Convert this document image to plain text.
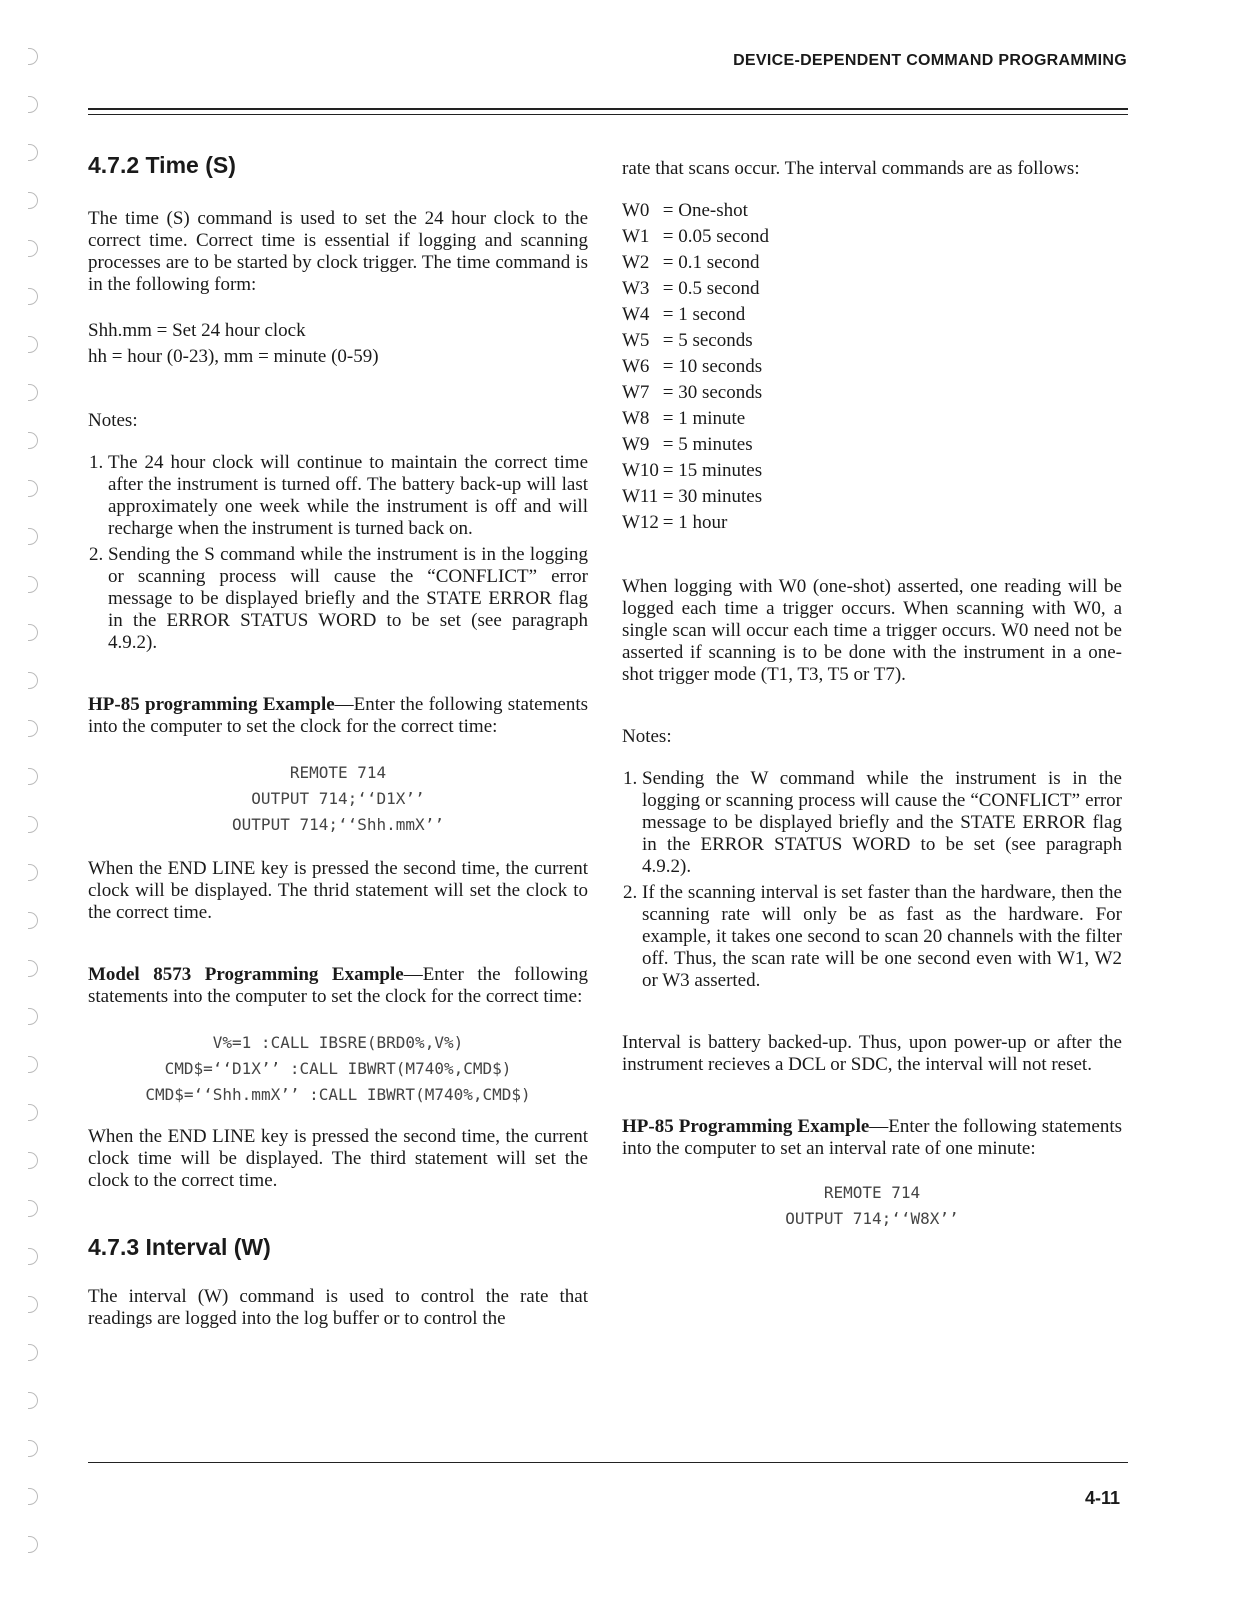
DEVICE-DEPENDENT COMMAND PROGRAMMING
4.7.2 Time (S)

The time (S) command is used to set the 24 hour clock to the correct time. Correct time is essential if logging and scanning processes are to be started by clock trigger. The time command is in the following form:

Shh.mm = Set 24 hour clock
hh = hour (0-23), mm = minute (0-59)
Notes:
1. The 24 hour clock will continue to maintain the correct time after the instrument is turned off. The battery back-up will last approximately one week while the instrument is off and will recharge when the instrument is turned back on.
2. Sending the S command while the instrument is in the logging or scanning process will cause the “CONFLICT” error message to be displayed briefly and the STATE ERROR flag in the ERROR STATUS WORD to be set (see paragraph 4.9.2).

HP-85 programming Example—Enter the following statements into the computer to set the clock for the correct time:

REMOTE 714
OUTPUT 714;‘‘D1X’’
OUTPUT 714;‘‘Shh.mmX’’

When the END LINE key is pressed the second time, the current clock will be displayed. The thrid statement will set the clock to the correct time.

Model 8573 Programming Example—Enter the following statements into the computer to set the clock for the correct time:

V%=1 :CALL IBSRE(BRD0%,V%)
CMD$=‘‘D1X’’ :CALL IBWRT(M740%,CMD$)
CMD$=‘‘Shh.mmX’’ :CALL IBWRT(M740%,CMD$)

When the END LINE key is pressed the second time, the current clock time will be displayed. The third statement will set the clock to the correct time.

4.7.3 Interval (W)

The interval (W) command is used to control the rate that readings are logged into the log buffer or to control the

rate that scans occur. The interval commands are as follows:

W0 = One-shot
W1 = 0.05 second
W2 = 0.1 second
W3 = 0.5 second
W4 = 1 second
W5 = 5 seconds
W6 = 10 seconds
W7 = 30 seconds
W8 = 1 minute
W9 = 5 minutes
W10 = 15 minutes
W11 = 30 minutes
W12 = 1 hour

When logging with W0 (one-shot) asserted, one reading will be logged each time a trigger occurs. When scanning with W0, a single scan will occur each time a trigger occurs. W0 need not be asserted if scanning is to be done with the instrument in a one-shot trigger mode (T1, T3, T5 or T7).

Notes:
1. Sending the W command while the instrument is in the logging or scanning process will cause the “CONFLICT” error message to be displayed briefly and the STATE ERROR flag in the ERROR STATUS WORD to be set (see paragraph 4.9.2).
2. If the scanning interval is set faster than the hardware, then the scanning rate will only be as fast as the hardware. For example, it takes one second to scan 20 channels with the filter off. Thus, the scan rate will be one second even with W1, W2 or W3 asserted.

Interval is battery backed-up. Thus, upon power-up or after the instrument recieves a DCL or SDC, the interval will not reset.

HP-85 Programming Example—Enter the following statements into the computer to set an interval rate of one minute:

REMOTE 714
OUTPUT 714;‘‘W8X’’
4-11
